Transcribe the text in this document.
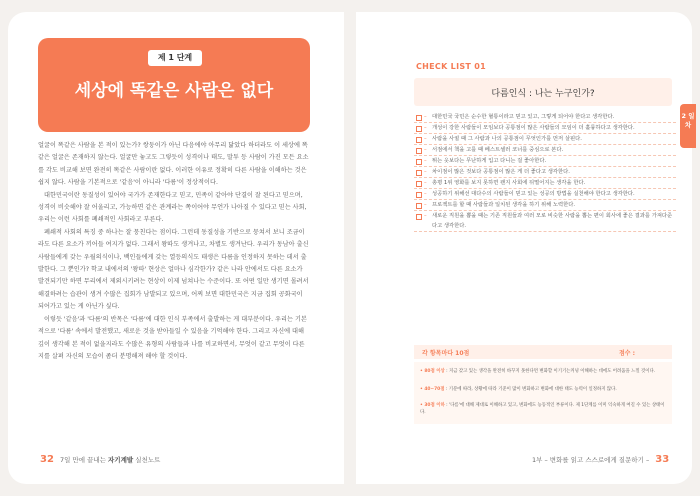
제 1 단계
세상에 똑같은 사람은 없다

얼굴이 똑같은 사람을 본 적이 있는가? 쌍둥이가 아닌 다음에야 아무리 닮았다 하더라도 이 세상에 똑같은 얼굴은 존재하지 않는다. 얼굴만 놓고도 그렇듯이 성격이나 태도, 말투 등 사람이 가진 모든 요소를 각도 비교해 보면 완전히 똑같은 사람이란 없다. 이러한 이유로 정확히 다른 사람을 이해하는 것은 쉽지 않다. 사람을 기본적으로 '같음'이 아니라 '다름'이 정상적이다.

대한민국이란 동질성이 있어야 국가가 존재한다고 믿고, 민족이 같아야 단결이 잘 된다고 믿으며, 성격이 비슷해야 잘 어울리고, 가능하면 같은 관계라는 쪽이어야 무언가 나아질 수 있다고 믿는 사회, 우리는 이런 사회를 폐쇄적인 사회라고 부른다.

폐쇄적 사회의 특징 중 하나는 잘 뭉친다는 점이다. 그런데 동질성을 기반으로 뭉쳐서 보니 조금이라도 다른 요소가 끼어들 여지가 없다. 그래서 왕따도 생겨나고, 차별도 생겨난다. 우리가 동남아 출신 사람들에게 갖는 우월의식이나, 백인들에게 갖는 열등의식도 태생은 다름을 인정하지 못하는 데서 출발한다. 그 뿐인가? 학교 내에서의 '왕따' 현상은 얼마나 심각한가? 같은 나라 안에서도 다른 요소가 발견되기만 하면 무리에서 제외시키려는 현상이 이제 넘쳐나는 수준이다. 또 어떤 일만 생기면 몰려서 해결하려는 습관이 생겨 수많은 집회가 남발되고 있으며, 어찌 보면 대한민국은 지금 집회 공화국이 되어가고 있는 게 아닌가 싶다.

이렇듯 '같음'과 '다름'의 반목은 '다름'에 대한 인식 부족에서 출발하는 게 대부분이다. 우리는 기본적으로 '다름' 속에서 발전했고, 새로운 것을 받아들일 수 있음을 기억해야 한다. 그리고 자신에 대해 깊이 생각해 본 적이 없을지라도 수많은 유형의 사람들과 나를 비교하면서, 무엇이 같고 무엇이 다른지를 살펴 자신의 모습이 좀더 분명해져 해야 할 것이다.

32 7일 만에 끝내는 자기계발 실천노트
CHECK LIST 01
다름인식 : 나는 누구인가?
– 대한민국 국민은 순수한 혈통이라고 믿고 있고, 그렇게 되어야 한다고 생각한다.
– 개성이 강한 사람들이 모임보다 공통점이 많은 사람들의 모임이 더 훌륭하다고 생각한다.
– 사람을 사귈 때 그 사람과 나의 공통점이 무엇인가를 먼저 살핀다.
– 서점에서 책을 고를 때 베스트셀러 코너를 중심으로 본다.
– 튀는 옷보다는 무난하게 입고 다니는 걸 좋아한다.
– 차이점이 많은 것보다 공통점이 많은 게 더 좋다고 생각한다.
– 총평 1위 영화를 보지 못하면 왠지 사회에 뒤떨어지는 생각을 한다.
– 성공하기 위해선 대다수의 사람들이 믿고 있는 성공의 방법을 실천해야 한다고 생각한다.
– 프로젝트를 할 때 사람들과 일치된 생각을 하기 위해 노력한다.
– 새로운 직원을 뽑을 때는 기존 직원들과 여러 모로 비슷한 사람을 뽑는 편이 회사에 좋은 결과를 가져다준다고 생각한다.
각 항목마다 10점	점수 :
• 80점 이상 : 지금 갖고 있는 생각을 완전히 바꾸지 못한다면 변화할 이기기는커녕 이해하는 데에도 어려움을 느낄 것이다.
• 40~70점 : 기분에 따라, 상황에 따라 기준이 많이 변화하고 변화에 대한 태도 능력이 일정하지 않다.
• 30점 이하 : '다름'에 대해 제대로 이해하고 있고, 변화에도 능동적인 부류이다. 제 1단계를 이미 익숙하게 여길 수 있는 상태이다.
1부 – 변화를 읽고 스스로에게 질문하기 – 33
2 일 차
